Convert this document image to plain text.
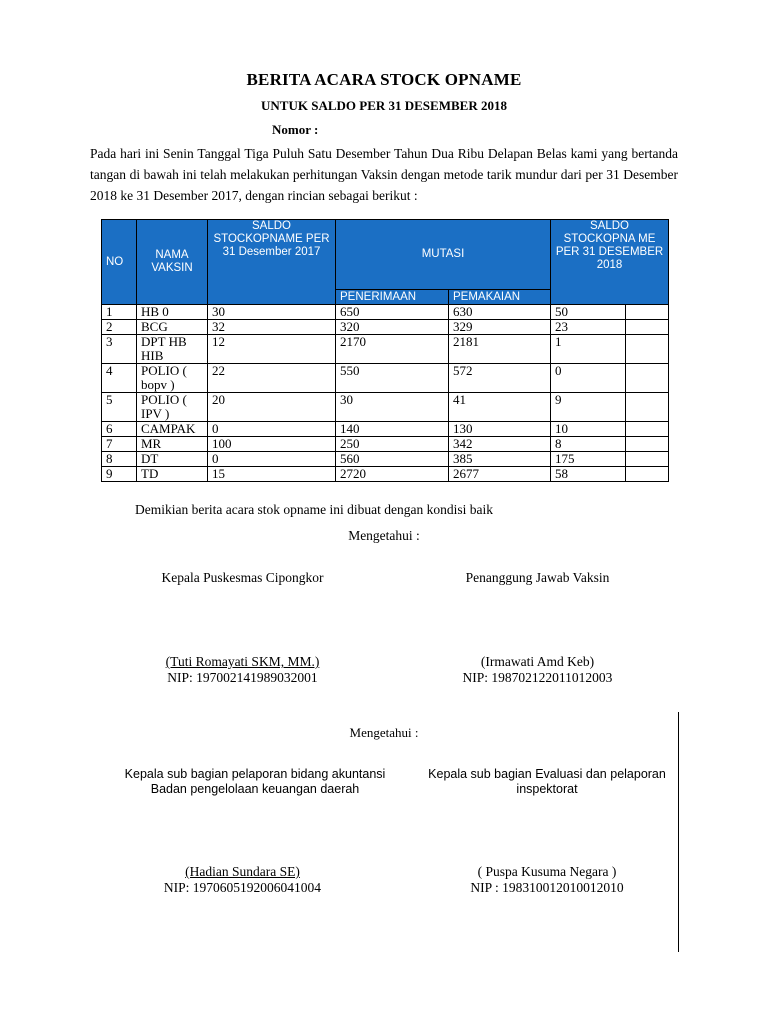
BERITA ACARA STOCK OPNAME
UNTUK SALDO PER 31 DESEMBER 2018
Nomor :
Pada hari ini Senin Tanggal Tiga Puluh Satu Desember Tahun Dua Ribu Delapan Belas kami yang bertanda tangan di bawah ini telah melakukan perhitungan Vaksin dengan metode tarik mundur dari per 31 Desember 2018 ke 31 Desember 2017, dengan rincian sebagai berikut :
NO	NAMA VAKSIN	SALDO STOCKOPNAME PER 31 Desember 2017	MUTASI		SALDO STOCKOPNA ME PER 31 DESEMBER 2018	
			PENERIMAAN	PEMAKAIAN		
1	HB 0	30	650	630	50	
2	BCG	32	320	329	23	
3	DPT HB HIB	12	2170	2181	1	
4	POLIO ( bopv )	22	550	572	0	
5	POLIO ( IPV )	20	30	41	9	
6	CAMPAK	0	140	130	10	
7	MR	100	250	342	8	
8	DT	0	560	385	175	
9	TD	15	2720	2677	58	
Demikian berita acara stok opname ini dibuat dengan kondisi baik
Mengetahui :
Kepala Puskesmas Cipongkor	Penanggung Jawab Vaksin
(Tuti Romayati SKM, MM.)
NIP: 197002141989032001
(Irmawati Amd Keb)
NIP: 198702122011012003
Mengetahui :
Kepala sub bagian pelaporan bidang akuntansi
Badan pengelolaan keuangan daerah
Kepala sub bagian Evaluasi dan pelaporan
inspektorat
(Hadian Sundara SE)
NIP: 1970605192006041004
( Puspa Kusuma Negara )
NIP : 198310012010012010
